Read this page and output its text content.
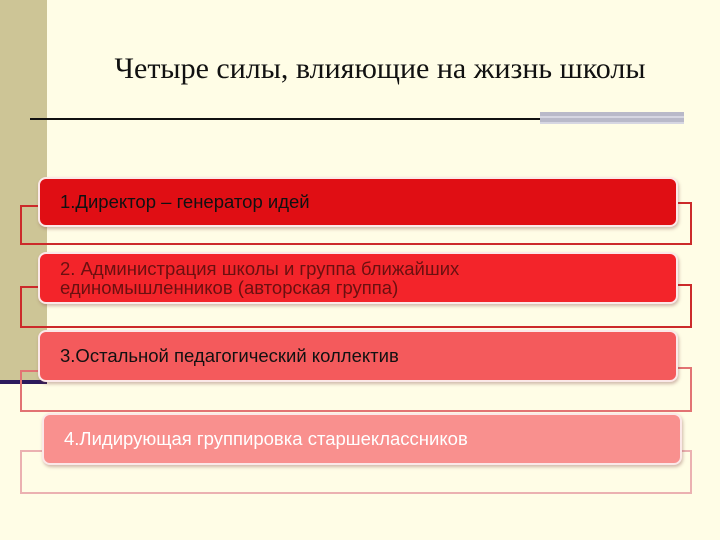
Четыре силы, влияющие на жизнь школы
1.Директор – генератор идей
2. Администрация школы и группа ближайших
единомышленников (авторская группа)
3.Остальной педагогический коллектив
4.Лидирующая группировка старшеклассников
